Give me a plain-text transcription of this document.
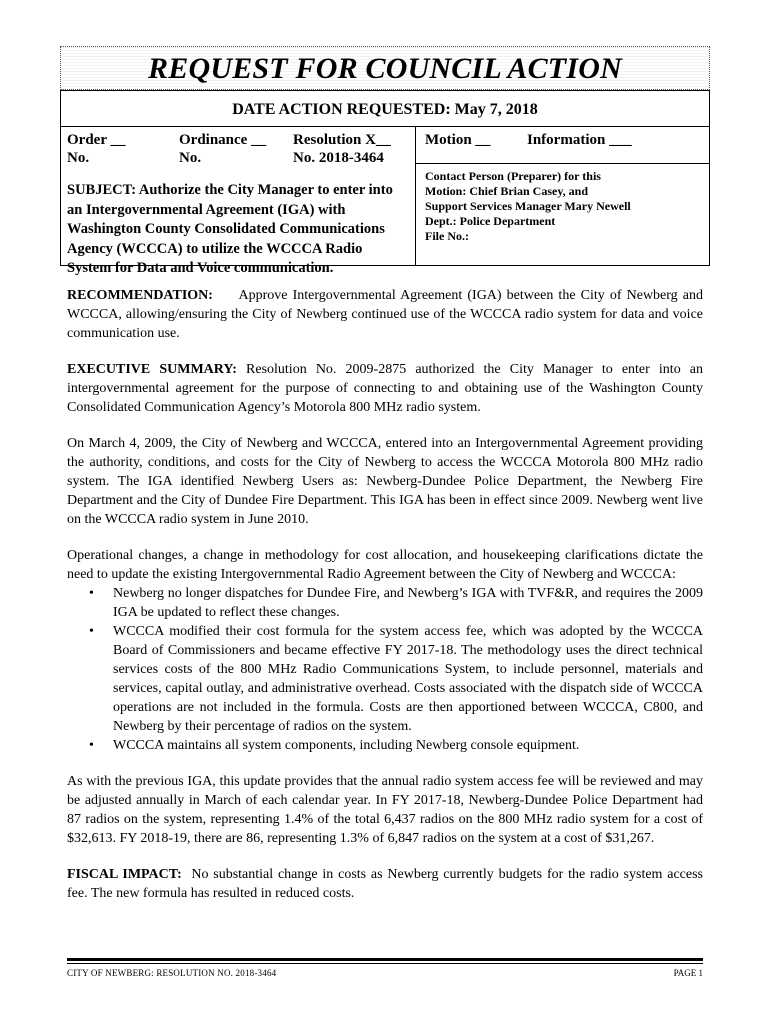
REQUEST FOR COUNCIL ACTION
DATE ACTION REQUESTED: May 7, 2018
Order __
No.
Ordinance __
No.
Resolution X__
No. 2018-3464
Motion __ Information ___
SUBJECT: Authorize the City Manager to enter into an Intergovernmental Agreement (IGA) with Washington County Consolidated Communications Agency (WCCCA) to utilize the WCCCA Radio System for Data and Voice communication.
Contact Person (Preparer) for this
Motion: Chief Brian Casey, and
Support Services Manager Mary Newell
Dept.: Police Department
File No.:

RECOMMENDATION: Approve Intergovernmental Agreement (IGA) between the City of Newberg and WCCCA, allowing/ensuring the City of Newberg continued use of the WCCCA radio system for data and voice communication use.

EXECUTIVE SUMMARY: Resolution No. 2009-2875 authorized the City Manager to enter into an intergovernmental agreement for the purpose of connecting to and obtaining use of the Washington County Consolidated Communication Agency’s Motorola 800 MHz radio system.

On March 4, 2009, the City of Newberg and WCCCA, entered into an Intergovernmental Agreement providing the authority, conditions, and costs for the City of Newberg to access the WCCCA Motorola 800 MHz radio system. The IGA identified Newberg Users as: Newberg-Dundee Police Department, the Newberg Fire Department and the City of Dundee Fire Department. This IGA has been in effect since 2009. Newberg went live on the WCCCA radio system in June 2010.

Operational changes, a change in methodology for cost allocation, and housekeeping clarifications dictate the need to update the existing Intergovernmental Radio Agreement between the City of Newberg and WCCCA:

• Newberg no longer dispatches for Dundee Fire, and Newberg’s IGA with TVF&R, and requires the 2009 IGA be updated to reflect these changes.
• WCCCA modified their cost formula for the system access fee, which was adopted by the WCCCA Board of Commissioners and became effective FY 2017-18. The methodology uses the direct technical services costs of the 800 MHz Radio Communications System, to include personnel, materials and services, capital outlay, and administrative overhead. Costs associated with the dispatch side of WCCCA operations are not included in the formula. Costs are then apportioned between WCCCA, C800, and Newberg by their percentage of radios on the system.
• WCCCA maintains all system components, including Newberg console equipment.

As with the previous IGA, this update provides that the annual radio system access fee will be reviewed and may be adjusted annually in March of each calendar year. In FY 2017-18, Newberg-Dundee Police Department had 87 radios on the system, representing 1.4% of the total 6,437 radios on the 800 MHz radio system for a cost of $32,613. FY 2018-19, there are 86, representing 1.3% of 6,847 radios on the system at a cost of $31,267.

FISCAL IMPACT: No substantial change in costs as Newberg currently budgets for the radio system access fee. The new formula has resulted in reduced costs.

CITY OF NEWBERG: RESOLUTION NO. 2018-3464	PAGE 1
